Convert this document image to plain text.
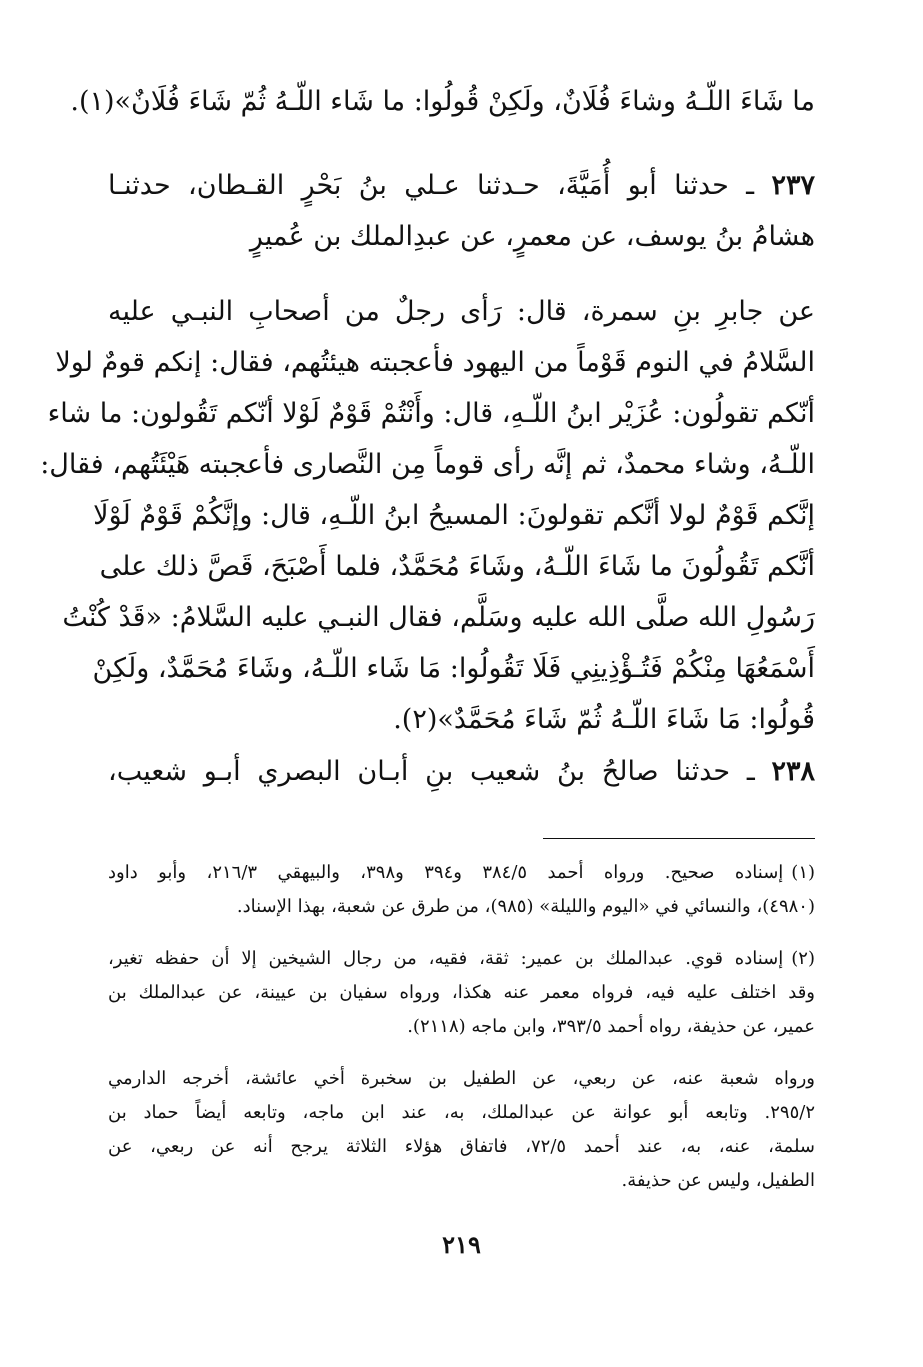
ما شَاءَ اللّـهُ وشاءَ فُلَانٌ، ولَكِنْ قُولُوا: ما شَاء اللّـهُ ثُمّ شَاءَ فُلَانٌ»(١).
٢٣٧ ـ حدثنا أبو أُمَيَّةَ، حـدثنا عـلي بنُ بَحْرٍ القـطان، حدثنـا
هشامُ بنُ يوسف، عن معمرٍ، عن عبدِالملك بن عُميرٍ
عن جابرِ بنِ سمرة، قال: رَأى رجلٌ من أصحابِ النبـي عليه
السَّلامُ في النوم قَوْماً من اليهود فأعجبته هيئتُهم، فقال: إنكم قومٌ لولا
أنّكم تقولُون: عُزَيْر ابنُ اللّـهِ، قال: وأَنْتُمْ قَوْمٌ لَوْلا أنّكم تَقُولون: ما شاء
اللّـهُ، وشاء محمدٌ، ثم إنَّه رأى قوماً مِن النَّصارى فأعجبته هَيْئَتُهم، فقال:
إنَّكم قَوْمٌ لولا أنَّكم تقولونَ: المسيحُ ابنُ اللّـهِ، قال: وإنَّكُمْ قَوْمٌ لَوْلَا
أنَّكم تَقُولُونَ ما شَاءَ اللّـهُ، وشَاءَ مُحَمَّدٌ، فلما أَصْبَحَ، قَصَّ ذلك على
رَسُولِ الله صلَّى الله عليه وسَلَّم، فقال النبـي عليه السَّلامُ: «قَدْ كُنْتُ
أَسْمَعُهَا مِنْكُمْ فَتُـؤْذِينِي فَلَا تَقُولُوا: مَا شَاء اللّـهُ، وشَاءَ مُحَمَّدٌ، ولَكِنْ
قُولُوا: مَا شَاءَ اللّـهُ ثُمّ شَاءَ مُحَمَّدٌ»(٢).
٢٣٨ ـ حدثنا صالحُ بنُ شعيب بنِ أبـان البصري أبـو شعيب،
(١)إسناده صحيح. ورواه أحمد ٣٨٤/٥ و٣٩٤ و٣٩٨، والبيهقي ٢١٦/٣، وأبو داود
(٤٩٨٠)، والنسائي في «اليوم والليلة» (٩٨٥)، من طرق عن شعبة، بهذا الإسناد.
(٢)إسناده قوي. عبدالملك بن عمير: ثقة، فقيه، من رجال الشيخين إلا أن حفظه تغير،
وقد اختلف عليه فيه، فرواه معمر عنه هكذا، ورواه سفيان بن عيينة، عن عبدالملك بن
عمير، عن حذيفة، رواه أحمد ٣٩٣/٥، وابن ماجه (٢١١٨).
ورواه شعبة عنه، عن ربعي، عن الطفيل بن سخبرة أخي عائشة، أخرجه الدارمي
٢٩٥/٢. وتابعه أبو عوانة عن عبدالملك، به، عند ابن ماجه، وتابعه أيضاً حماد بن
سلمة، عنه، به، عند أحمد ٧٢/٥، فاتفاق هؤلاء الثلاثة يرجح أنه عن ربعي، عن
الطفيل، وليس عن حذيفة.
٢١٩
